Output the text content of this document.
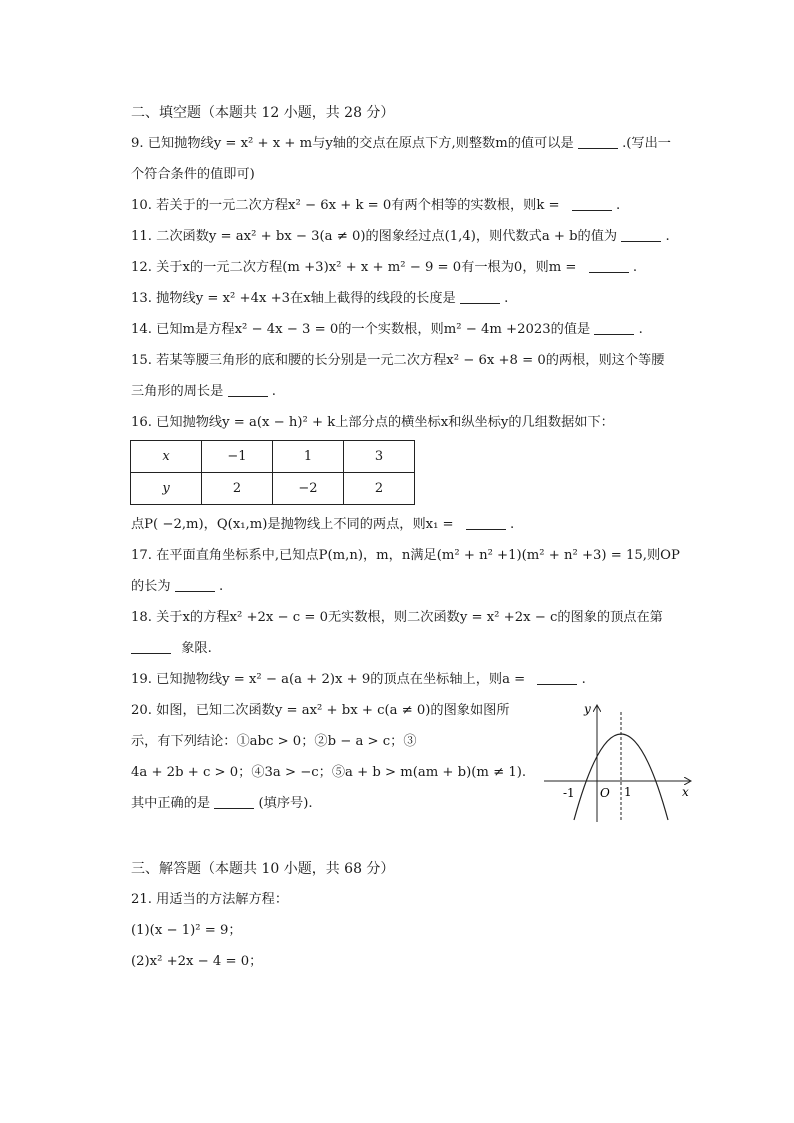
二、填空题（本题共 12 小题，共 28 分）
9. 已知抛物线y = x² + x + m与y轴的交点在原点下方,则整数m的值可以是	.(写出一
个符合条件的值即可)
10. 若关于的一元二次方程x² − 6x + k = 0有两个相等的实数根，则k =	.
11. 二次函数y = ax² + bx − 3(a ≠ 0)的图象经过点(1,4)，则代数式a + b的值为	.
12. 关于x的一元二次方程(m +3)x² + x + m² − 9 = 0有一根为0，则m =	.
13. 抛物线y = x² +4x +3在x轴上截得的线段的长度是	.
14. 已知m是方程x² − 4x − 3 = 0的一个实数根，则m² − 4m +2023的值是	.
15. 若某等腰三角形的底和腰的长分别是一元二次方程x² − 6x +8 = 0的两根，则这个等腰
三角形的周长是	.
16. 已知抛物线y = a(x − h)² + k上部分点的横坐标x和纵坐标y的几组数据如下：
x	−1	1	3
y	2	−2	2
点P( −2,m)，Q(x₁,m)是抛物线上不同的两点，则x₁ =	.
17. 在平面直角坐标系中,已知点P(m,n)，m，n满足(m² + n² +1)(m² + n² +3) = 15,则OP
的长为	.
18. 关于x的方程x² +2x − c = 0无实数根，则二次函数y = x² +2x − c的图象的顶点在第
象限.
19. 已知抛物线y = x² − a(a + 2)x + 9的顶点在坐标轴上，则a =	.
20. 如图，已知二次函数y = ax² + bx + c(a ≠ 0)的图象如图所
示，有下列结论：①abc > 0；②b − a > c；③
4a + 2b + c > 0；④3a > −c；⑤a + b > m(am + b)(m ≠ 1).
其中正确的是	(填序号).
y
x
O
-1	1
三、解答题（本题共 10 小题，共 68 分）
21. 用适当的方法解方程：
(1)(x − 1)² = 9；
(2)x² +2x − 4 = 0；
